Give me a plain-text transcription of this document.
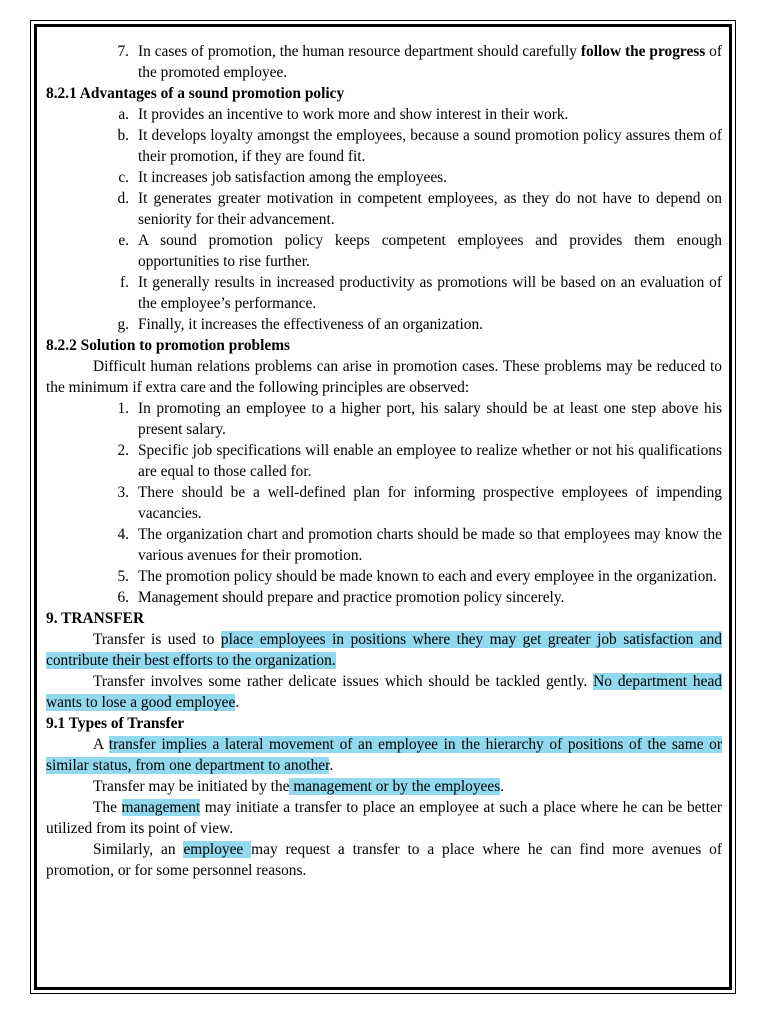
7. In cases of promotion, the human resource department should carefully follow the progress of the promoted employee.

8.2.1 Advantages of a sound promotion policy

a. It provides an incentive to work more and show interest in their work.
b. It develops loyalty amongst the employees, because a sound promotion policy assures them of their promotion, if they are found fit.
c. It increases job satisfaction among the employees.
d. It generates greater motivation in competent employees, as they do not have to depend on seniority for their advancement.
e. A sound promotion policy keeps competent employees and provides them enough opportunities to rise further.
f. It generally results in increased productivity as promotions will be based on an evaluation of the employee’s performance.
g. Finally, it increases the effectiveness of an organization.

8.2.2 Solution to promotion problems

Difficult human relations problems can arise in promotion cases. These problems may be reduced to the minimum if extra care and the following principles are observed:

1. In promoting an employee to a higher port, his salary should be at least one step above his present salary.
2. Specific job specifications will enable an employee to realize whether or not his qualifications are equal to those called for.
3. There should be a well-defined plan for informing prospective employees of impending vacancies.
4. The organization chart and promotion charts should be made so that employees may know the various avenues for their promotion.
5. The promotion policy should be made known to each and every employee in the organization.
6. Management should prepare and practice promotion policy sincerely.

9. TRANSFER

Transfer is used to place employees in positions where they may get greater job satisfaction and contribute their best efforts to the organization.

Transfer involves some rather delicate issues which should be tackled gently. No department head wants to lose a good employee.

9.1 Types of Transfer

A transfer implies a lateral movement of an employee in the hierarchy of positions of the same or similar status, from one department to another.

Transfer may be initiated by the management or by the employees.

The management may initiate a transfer to place an employee at such a place where he can be better utilized from its point of view.

Similarly, an employee may request a transfer to a place where he can find more avenues of promotion, or for some personnel reasons.
